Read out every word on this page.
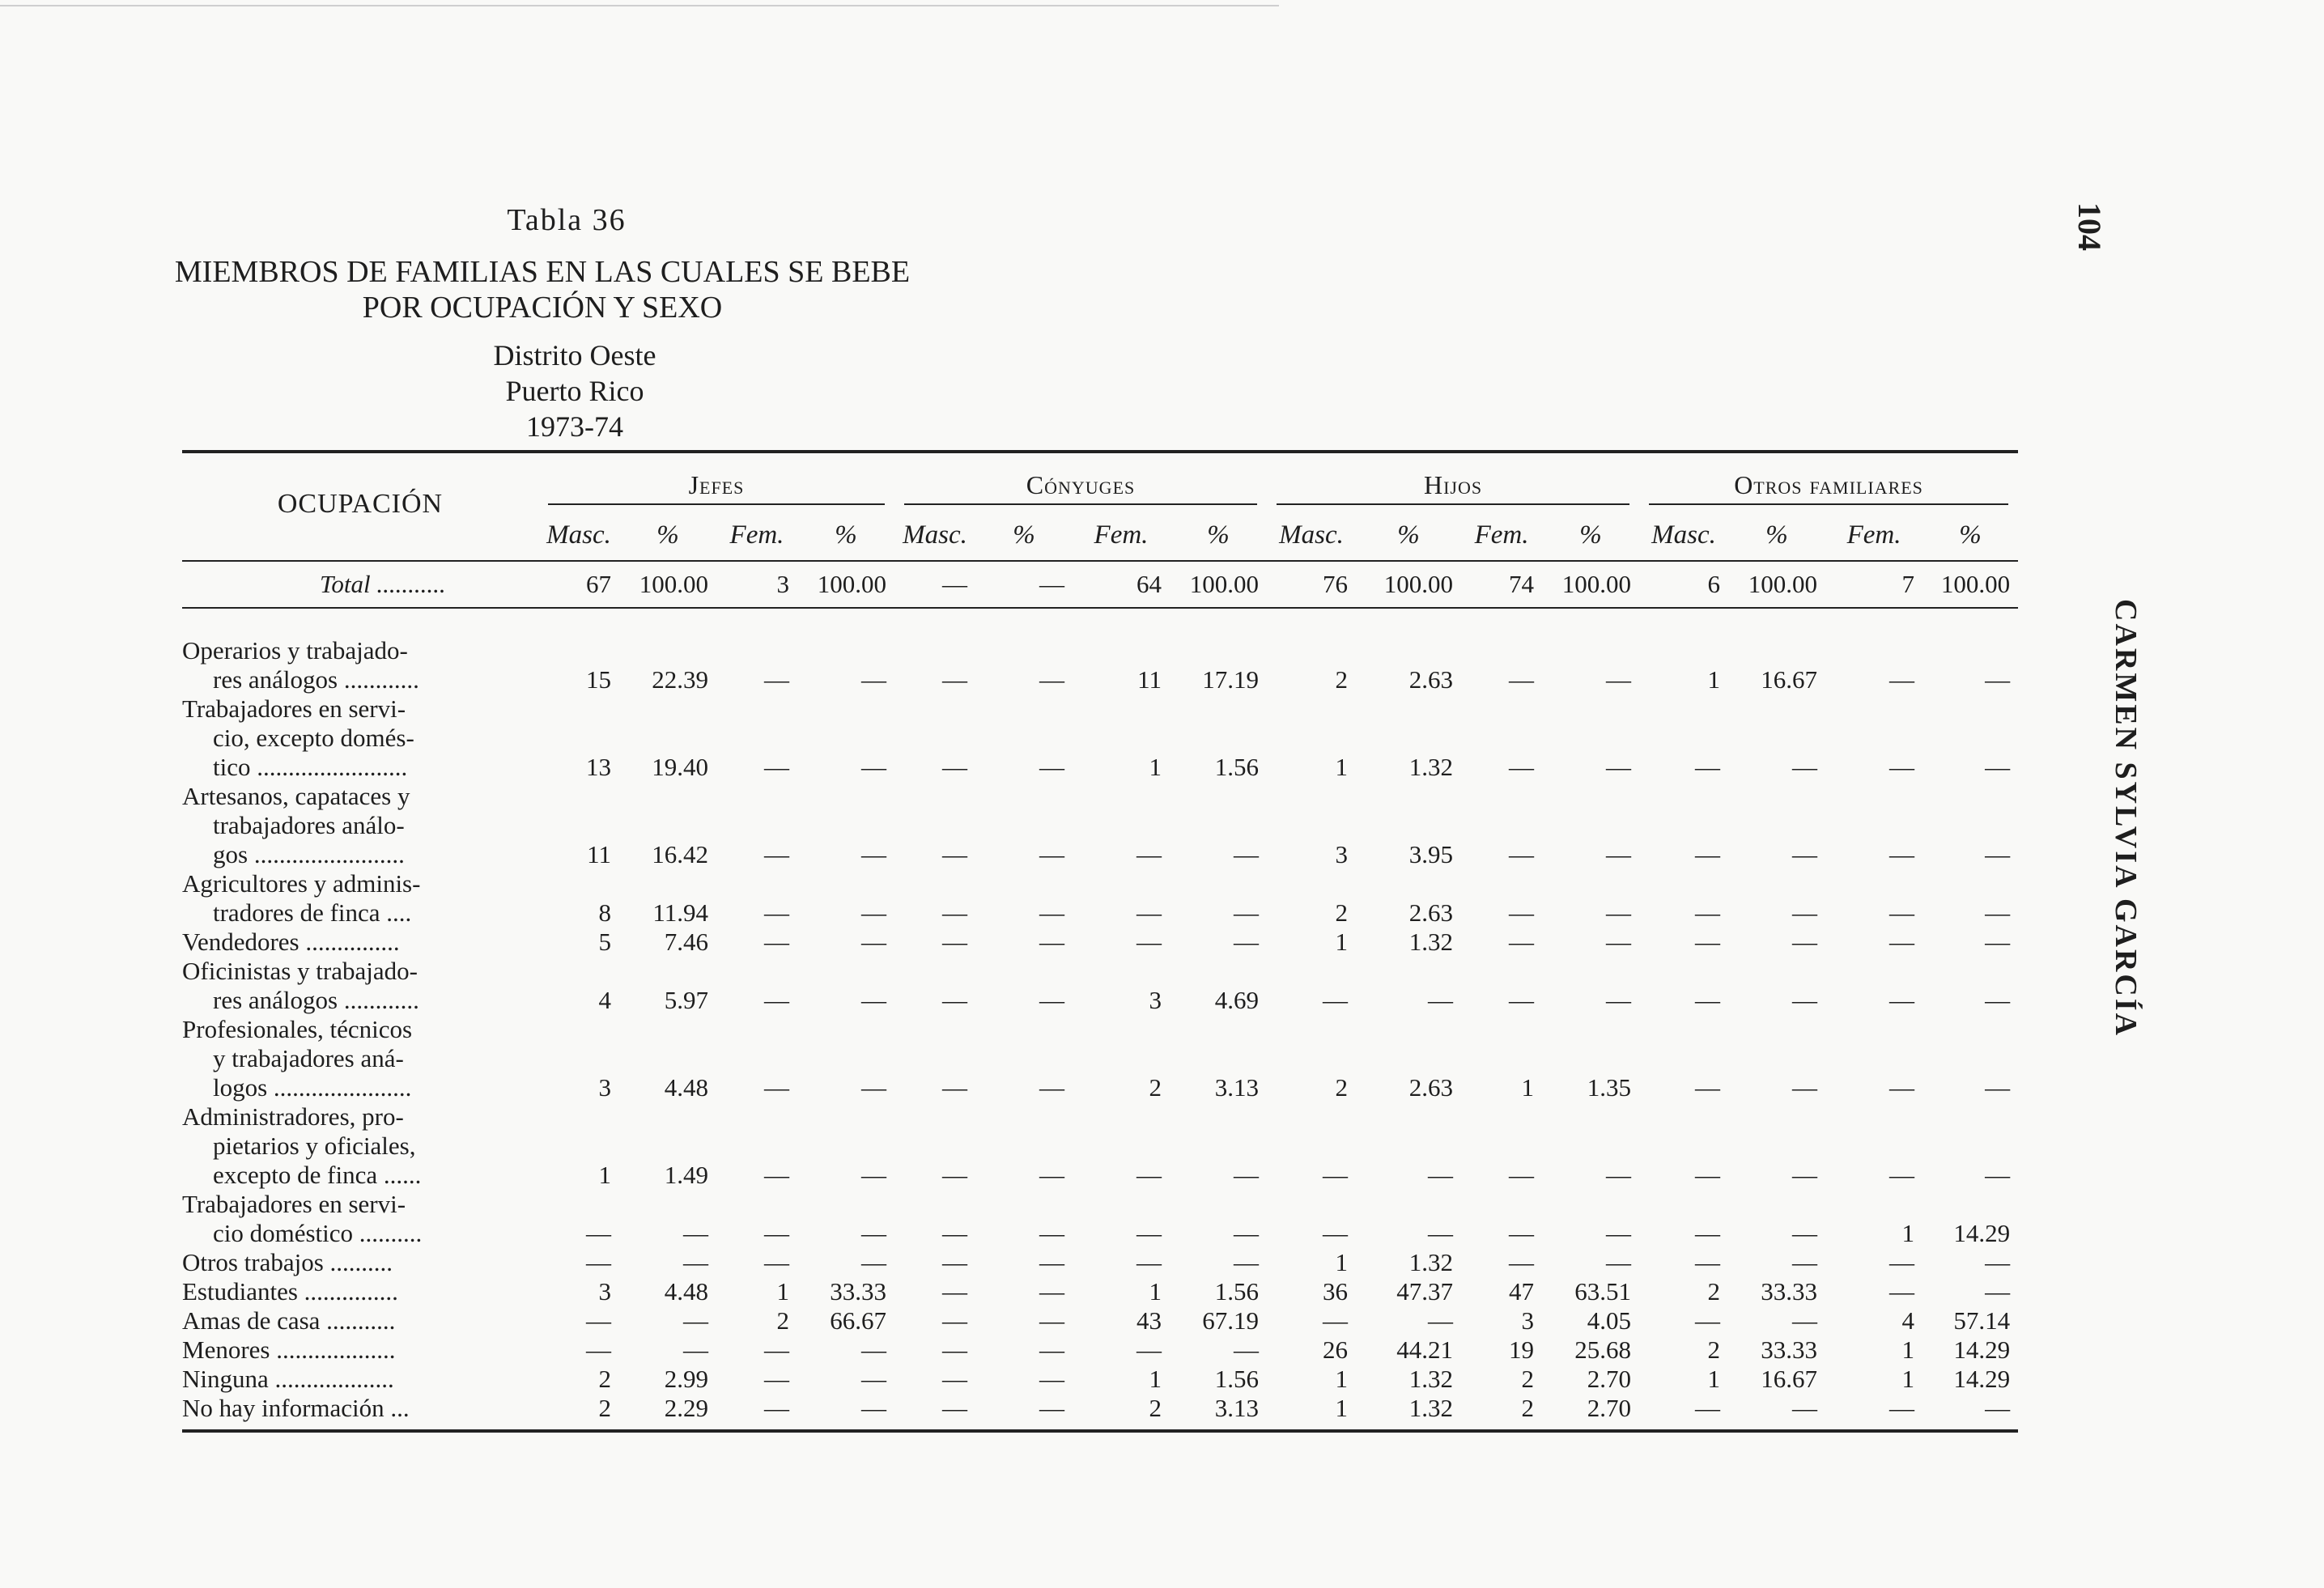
Tabla 36
MIEMBROS DE FAMILIAS EN LAS CUALES SE BEBE
POR OCUPACIÓN Y SEXO
Distrito Oeste
Puerto Rico
1973-74
104
CARMEN SYLVIA GARCÍA
OCUPACIÓN	Jefes				Cónyuges				Hijos				Otros familiares			

	Masc.	%	Fem.	%	Masc.	%	Fem.	%	Masc.	%	Fem.	%	Masc.	%	Fem.	%
Total ...........	67	100.00	3	100.00	—	—	64	100.00	76	100.00	74	100.00	6	100.00	7	100.00

Operarios y trabajado-
res análogos ............	15	22.39	—	—	—	—	11	17.19	2	2.63	—	—	1	16.67	—	—

Trabajadores en servi-
cio, excepto domés-
tico ........................	13	19.40	—	—	—	—	1	1.56	1	1.32	—	—	—	—	—	—

Artesanos, capataces y
trabajadores análo-
gos ........................	11	16.42	—	—	—	—	—	—	3	3.95	—	—	—	—	—	—

Agricultores y adminis-
tradores de finca ....	8	11.94	—	—	—	—	—	—	2	2.63	—	—	—	—	—	—

Vendedores ...............	5	7.46	—	—	—	—	—	—	1	1.32	—	—	—	—	—	—

Oficinistas y trabajado-
res análogos ............	4	5.97	—	—	—	—	3	4.69	—	—	—	—	—	—	—	—

Profesionales, técnicos
y trabajadores aná-
logos ......................	3	4.48	—	—	—	—	2	3.13	2	2.63	1	1.35	—	—	—	—

Administradores, pro-
pietarios y oficiales,
excepto de finca ......	1	1.49	—	—	—	—	—	—	—	—	—	—	—	—	—	—

Trabajadores en servi-
cio doméstico ..........	—	—	—	—	—	—	—	—	—	—	—	—	—	—	1	14.29

Otros trabajos ..........	—	—	—	—	—	—	—	—	1	1.32	—	—	—	—	—	—

Estudiantes ...............	3	4.48	1	33.33	—	—	1	1.56	36	47.37	47	63.51	2	33.33	—	—

Amas de casa ...........	—	—	2	66.67	—	—	43	67.19	—	—	3	4.05	—	—	4	57.14

Menores ...................	—	—	—	—	—	—	—	—	26	44.21	19	25.68	2	33.33	1	14.29

Ninguna ...................	2	2.99	—	—	—	—	1	1.56	1	1.32	2	2.70	1	16.67	1	14.29

No hay información ...	2	2.29	—	—	—	—	2	3.13	1	1.32	2	2.70	—	—	—	—
